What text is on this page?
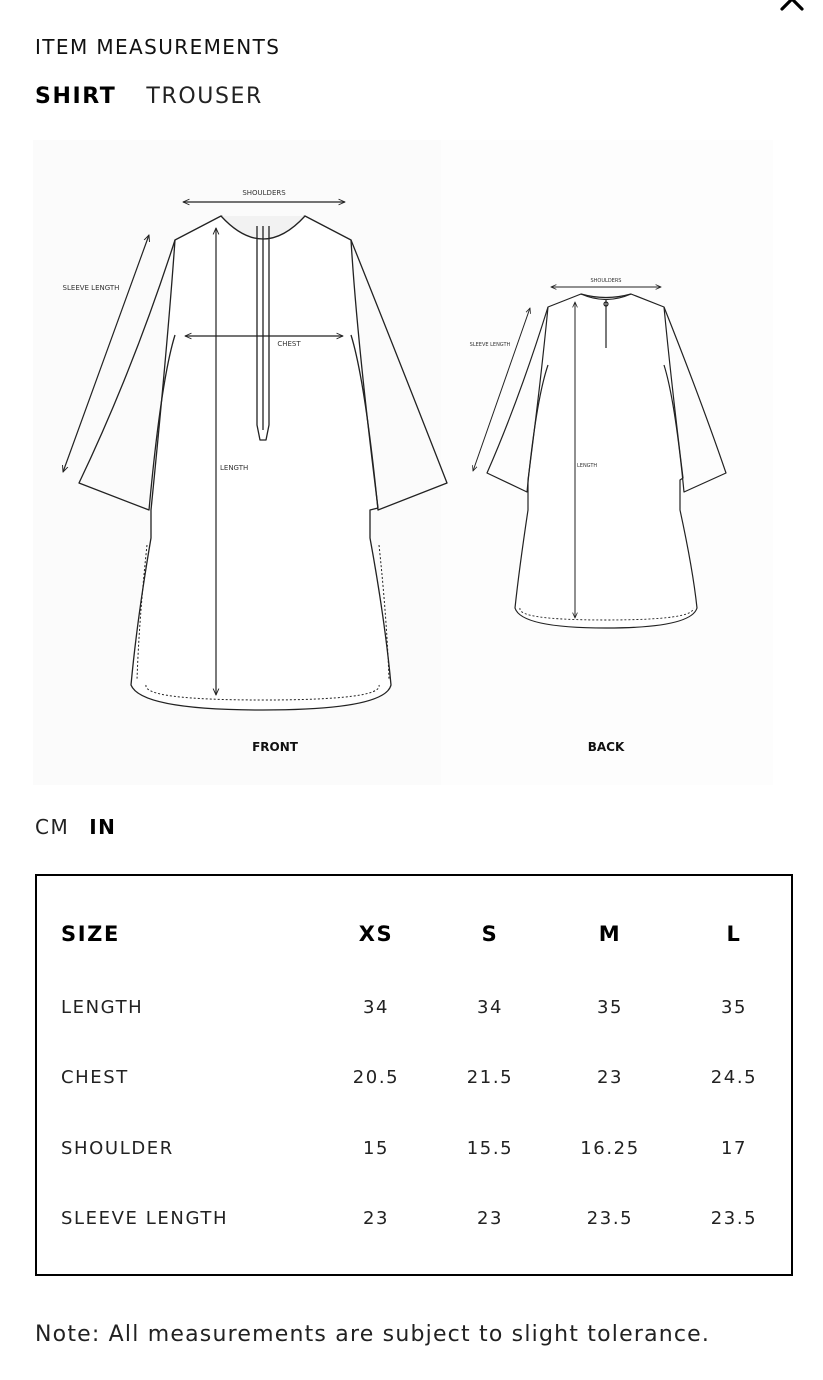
ITEM MEASUREMENTS
SHIRT TROUSER
SHOULDERS
CHEST
SLEEVE LENGTH
LENGTH
FRONT
SHOULDERS
SLEEVE LENGTH
LENGTH
BACK
CM IN
SIZE	XS	S	M	L
LENGTH	34	34	35	35
CHEST	20.5	21.5	23	24.5
SHOULDER	15	15.5	16.25	17
SLEEVE LENGTH	23	23	23.5	23.5

Note: All measurements are subject to slight tolerance.
